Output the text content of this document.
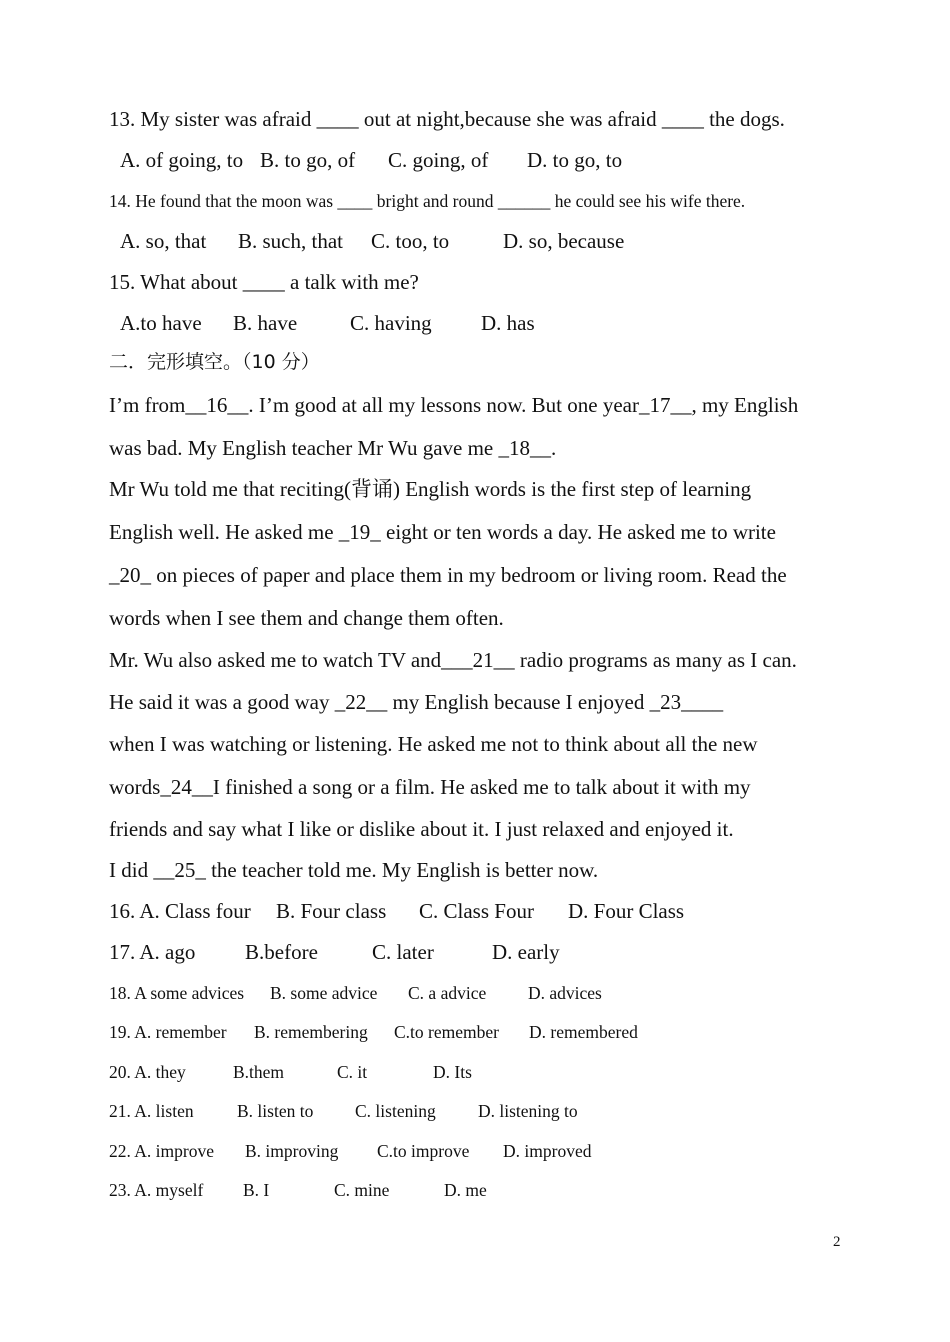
13. My sister was afraid ____ out at night,because she was afraid ____ the dogs.

A. of going, to

B. to go, of

C. going, of

D. to go, to

14. He found that the moon was ____ bright and round ______ he could see his wife there.

A. so, that

B. such, that

C. too, to

	D. so, because

15. What about ____ a talk with me?

A.to have

B. have

	C. having

D. has

二．完形填空。（10 分）
I’m from__16__. I’m good at all my lessons now. But one year_17__, my English
was bad. My English teacher Mr Wu gave me _18__.
Mr Wu told me that reciting(背诵) English words is the first step of learning
English well. He asked me _19_ eight or ten words a day. He asked me to write
_20_ on pieces of paper and place them in my bedroom or living room. Read the
words when I see them and change them often.
Mr. Wu also asked me to watch TV and___21__ radio programs as many as I can.
He said it was a good way _22__ my English because I enjoyed _23____
when I was watching or listening. He asked me not to think about all the new
words_24__I finished a song or a film. He asked me to talk about it with my
friends and say what I like or dislike about it. I just relaxed and enjoyed it.
I did __25_ the teacher told me. My English is better now.

16. A. Class four

B. Four class

C. Class Four

D. Four Class

17. A. ago

B.before

	C. later

	D. early

18. A some advices

B. some advice

C. a advice

D. advices

19. A. remember

B. remembering

C.to remember

D. remembered

20. A. they

	B.them

	C. it

	D. Its

21. A. listen

B. listen to

C. listening

D. listening to

22. A. improve

B. improving

C.to improve

D. improved

23. A. myself

B. I

	C. mine

	D. me

2
